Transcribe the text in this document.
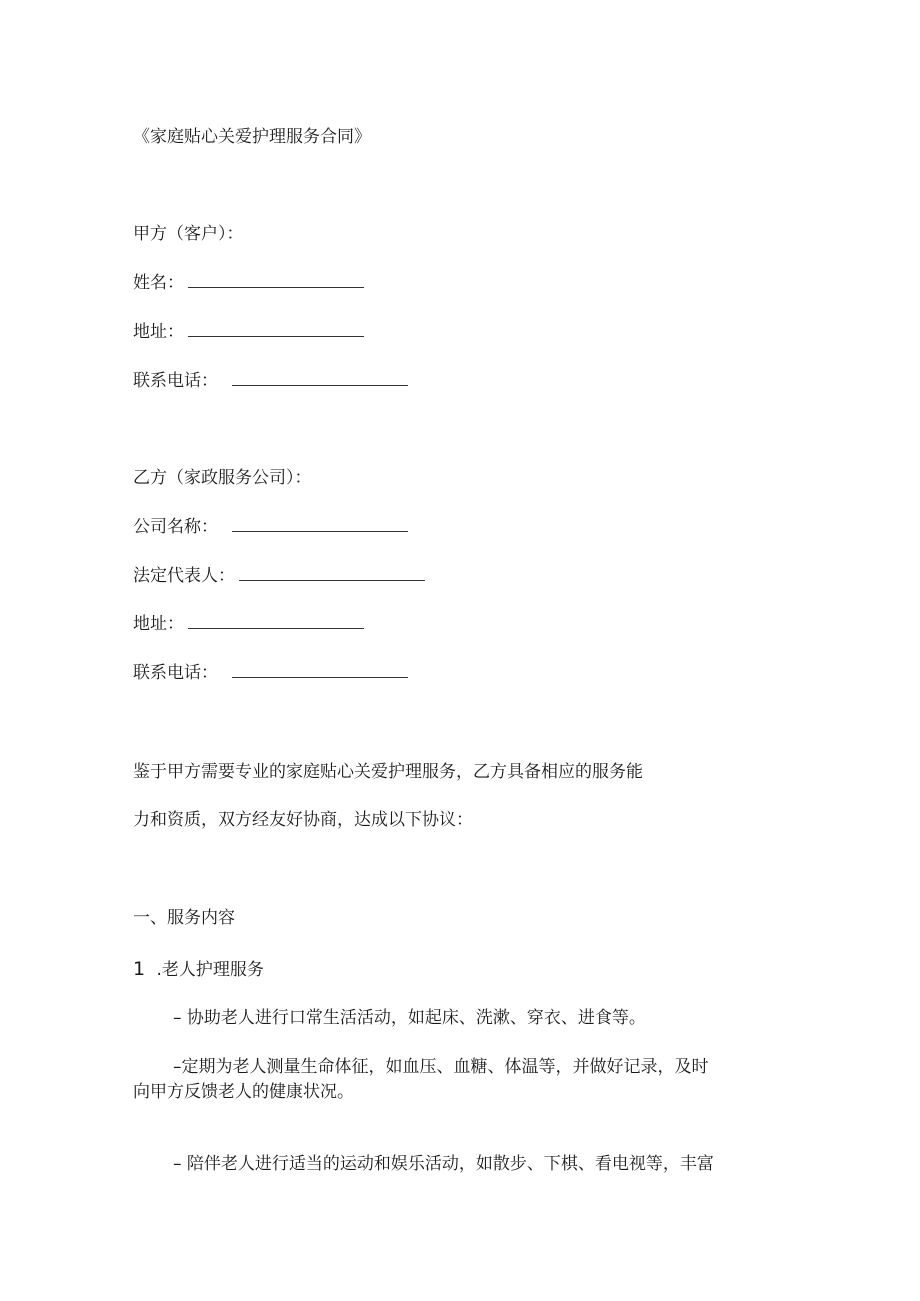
《家庭贴心关爱护理服务合同》
甲方（客户）：
姓名：
地址：
联系电话：
乙方（家政服务公司）：
公司名称：
法定代表人：
地址：
联系电话：
鉴于甲方需要专业的家庭贴心关爱护理服务，乙方具备相应的服务能
力和资质，双方经友好协商，达成以下协议：
一、服务内容
1 .老人护理服务
– 协助老人进行口常生活活动，如起床、洗漱、穿衣、进食等。
–定期为老人测量生命体征，如血压、血糖、体温等，并做好记录，及时
向甲方反馈老人的健康状况。
– 陪伴老人进行适当的运动和娱乐活动，如散步、下棋、看电视等，丰富
